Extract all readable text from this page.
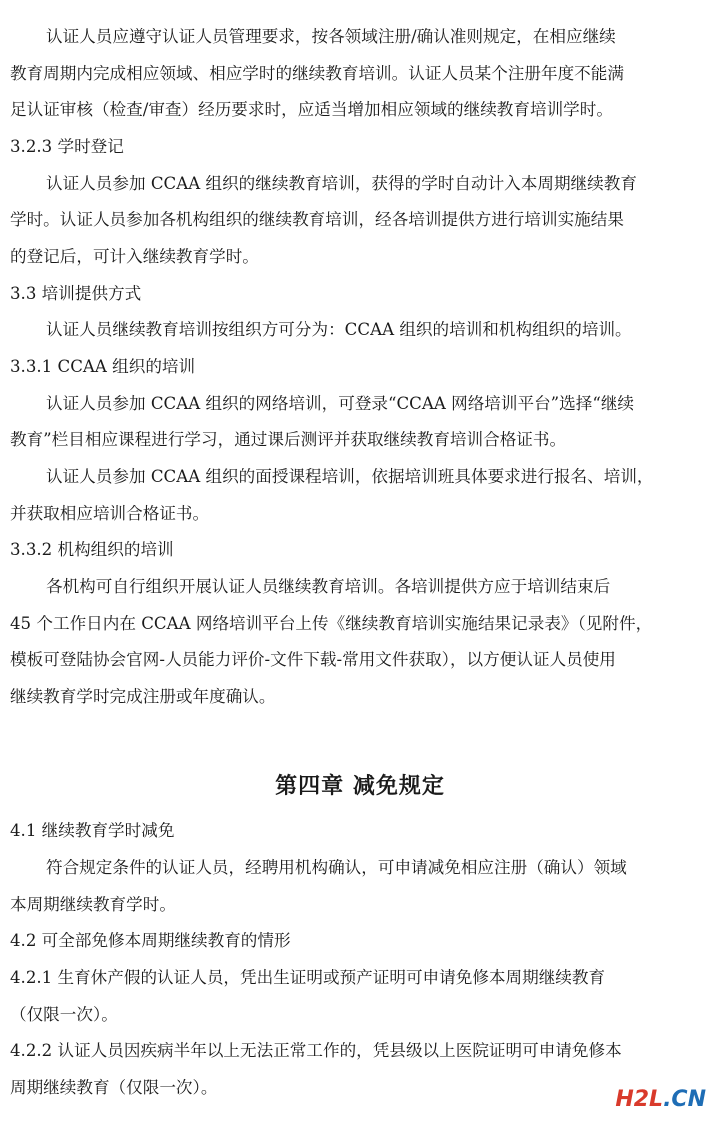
认证人员应遵守认证人员管理要求，按各领域注册/确认准则规定，在相应继续

教育周期内完成相应领域、相应学时的继续教育培训。认证人员某个注册年度不能满

足认证审核（检查/审查）经历要求时，应适当增加相应领域的继续教育培训学时。

3.2.3 学时登记

认证人员参加 CCAA 组织的继续教育培训，获得的学时自动计入本周期继续教育

学时。认证人员参加各机构组织的继续教育培训，经各培训提供方进行培训实施结果

的登记后，可计入继续教育学时。

3.3 培训提供方式

认证人员继续教育培训按组织方可分为：CCAA 组织的培训和机构组织的培训。

3.3.1 CCAA 组织的培训

认证人员参加 CCAA 组织的网络培训，可登录“CCAA 网络培训平台”选择“继续

教育”栏目相应课程进行学习，通过课后测评并获取继续教育培训合格证书。

认证人员参加 CCAA 组织的面授课程培训，依据培训班具体要求进行报名、培训，

并获取相应培训合格证书。

3.3.2 机构组织的培训

各机构可自行组织开展认证人员继续教育培训。各培训提供方应于培训结束后

45 个工作日内在 CCAA 网络培训平台上传《继续教育培训实施结果记录表》（见附件，

模板可登陆协会官网-人员能力评价-文件下载-常用文件获取），以方便认证人员使用

继续教育学时完成注册或年度确认。

第四章 减免规定

4.1 继续教育学时减免

符合规定条件的认证人员，经聘用机构确认，可申请减免相应注册（确认）领域

本周期继续教育学时。

4.2 可全部免修本周期继续教育的情形

4.2.1 生育休产假的认证人员，凭出生证明或预产证明可申请免修本周期继续教育

（仅限一次）。

4.2.2 认证人员因疾病半年以上无法正常工作的，凭县级以上医院证明可申请免修本

周期继续教育（仅限一次）。	H2L.CN
